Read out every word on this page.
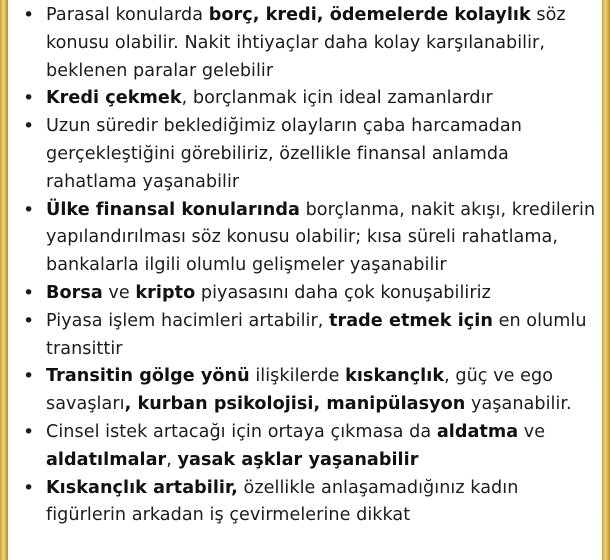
• Parasal konularda borç, kredi, ödemelerde kolaylık söz konusu olabilir. Nakit ihtiyaçlar daha kolay karşılanabilir, beklenen paralar gelebilir
• Kredi çekmek, borçlanmak için ideal zamanlardır
• Uzun süredir beklediğimiz olayların çaba harcamadan gerçekleştiğini görebiliriz, özellikle finansal anlamda rahatlama yaşanabilir
• Ülke finansal konularında borçlanma, nakit akışı, kredilerin yapılandırılması söz konusu olabilir; kısa süreli rahatlama, bankalarla ilgili olumlu gelişmeler yaşanabilir
• Borsa ve kripto piyasasını daha çok konuşabiliriz
• Piyasa işlem hacimleri artabilir, trade etmek için en olumlu transittir
• Transitin gölge yönü ilişkilerde kıskançlık, güç ve ego savaşları, kurban psikolojisi, manipülasyon yaşanabilir.
• Cinsel istek artacağı için ortaya çıkmasa da aldatma ve aldatılmalar, yasak aşklar yaşanabilir
• Kıskançlık artabilir, özellikle anlaşamadığınız kadın figürlerin arkadan iş çevirmelerine dikkat
